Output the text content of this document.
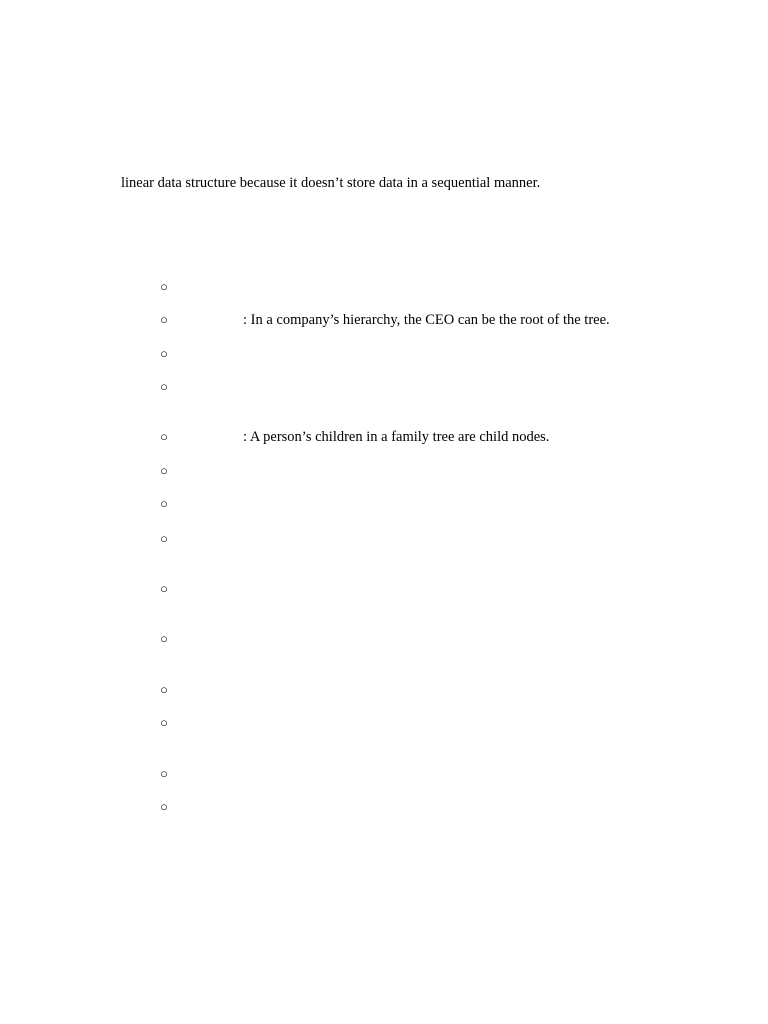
linear data structure because it doesn’t store data in a sequential manner.
○
○	: In a company’s hierarchy, the CEO can be the root of the tree.
○
○
○	: A person’s children in a family tree are child nodes.
○
○
○
○
○
○
○
○
○
